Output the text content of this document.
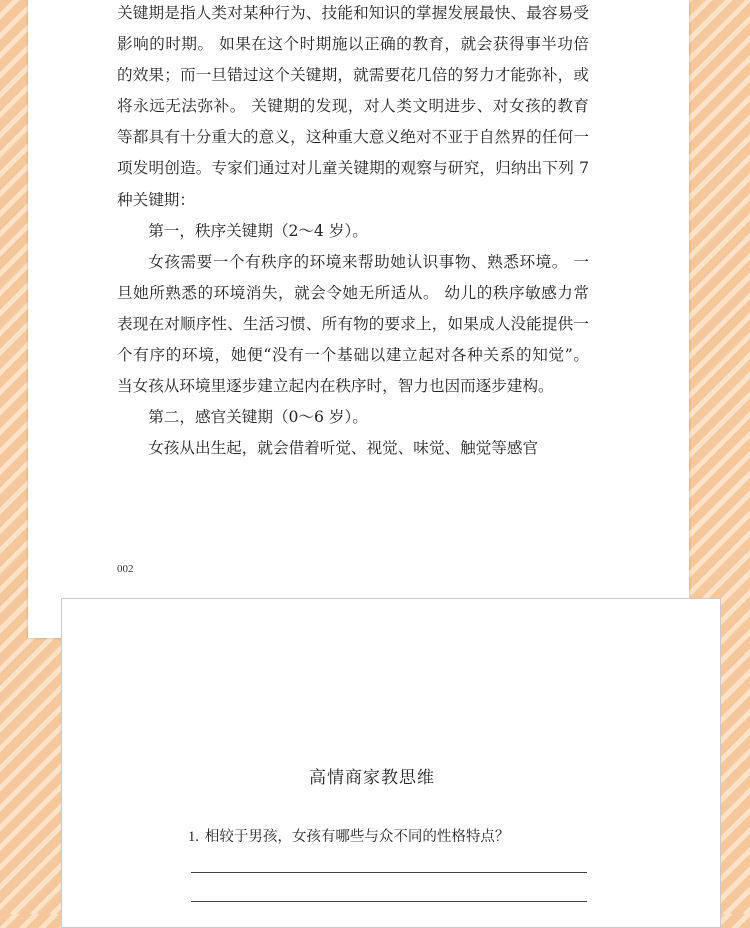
关键期是指人类对某种行为、技能和知识的掌握发展最快、最容易受影响的时期。 如果在这个时期施以正确的教育，就会获得事半功倍的效果；而一旦错过这个关键期，就需要花几倍的努力才能弥补，或将永远无法弥补。 关键期的发现，对人类文明进步、对女孩的教育等都具有十分重大的意义，这种重大意义绝对不亚于自然界的任何一项发明创造。专家们通过对儿童关键期的观察与研究，归纳出下列 7 种关键期：

第一，秩序关键期（2～4 岁）。

女孩需要一个有秩序的环境来帮助她认识事物、熟悉环境。 一旦她所熟悉的环境消失，就会令她无所适从。 幼儿的秩序敏感力常表现在对顺序性、生活习惯、所有物的要求上，如果成人没能提供一个有序的环境，她便“没有一个基础以建立起对各种关系的知觉”。 当女孩从环境里逐步建立起内在秩序时，智力也因而逐步建构。

第二，感官关键期（0～6 岁）。

女孩从出生起，就会借着听觉、视觉、味觉、触觉等感官

002
高情商家教思维
1. 相较于男孩，女孩有哪些与众不同的性格特点？
